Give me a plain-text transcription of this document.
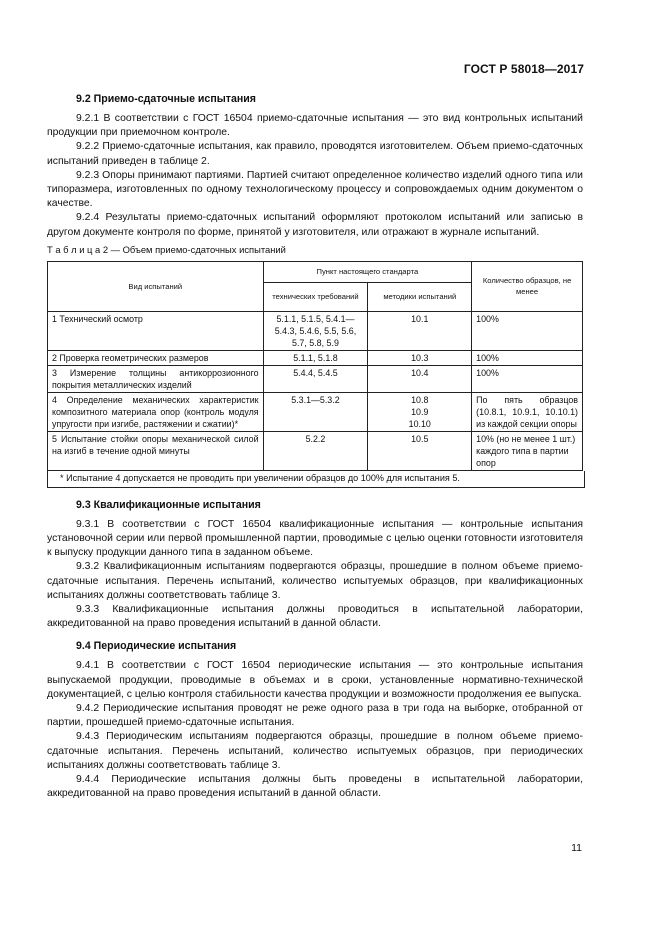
ГОСТ Р 58018—2017
9.2 Приемо-сдаточные испытания

9.2.1 В соответствии с ГОСТ 16504 приемо-сдаточные испытания — это вид контрольных испытаний продукции при приемочном контроле.

9.2.2 Приемо-сдаточные испытания, как правило, проводятся изготовителем. Объем приемо-сдаточных испытаний приведен в таблице 2.

9.2.3 Опоры принимают партиями. Партией считают определенное количество изделий одного типа или типоразмера, изготовленных по одному технологическому процессу и сопровождаемых одним документом о качестве.

9.2.4 Результаты приемо-сдаточных испытаний оформляют протоколом испытаний или записью в другом документе контроля по форме, принятой у изготовителя, или отражают в журнале испытаний.

Т а б л и ц а 2 — Объем приемо-сдаточных испытаний
Вид испытаний	Пункт настоящего стандарта		Количество образцов, не менее
	технических требований	методики испытаний	
1 Технический осмотр	5.1.1, 5.1.5, 5.4.1—5.4.3, 5.4.6, 5.5, 5.6, 5.7, 5.8, 5.9	10.1	100%
2 Проверка геометрических размеров	5.1.1, 5.1.8	10.3	100%
3 Измерение толщины антикоррозионного покрытия металлических изделий	5.4.4, 5.4.5	10.4	100%
4 Определение механических характеристик композитного материала опор (контроль модуля упругости при изгибе, растяжении и сжатии)*	5.3.1—5.3.2	10.8
10.9
10.10	По пять образцов (10.8.1, 10.9.1, 10.10.1) из каждой секции опоры
5 Испытание стойки опоры механической силой на изгиб в течение одной минуты	5.2.2	10.5	10% (но не менее 1 шт.) каждого типа в партии опор
* Испытание 4 допускается не проводить при увеличении образцов до 100% для испытания 5.
9.3 Квалификационные испытания

9.3.1 В соответствии с ГОСТ 16504 квалификационные испытания — контрольные испытания установочной серии или первой промышленной партии, проводимые с целью оценки готовности изготовителя к выпуску продукции данного типа в заданном объеме.

9.3.2 Квалификационным испытаниям подвергаются образцы, прошедшие в полном объеме приемо-сдаточные испытания. Перечень испытаний, количество испытуемых образцов, при квалификационных испытаниях должны соответствовать таблице 3.

9.3.3 Квалификационные испытания должны проводиться в испытательной лаборатории, аккредитованной на право проведения испытаний в данной области.

9.4 Периодические испытания

9.4.1 В соответствии с ГОСТ 16504 периодические испытания — это контрольные испытания выпускаемой продукции, проводимые в объемах и в сроки, установленные нормативно-технической документацией, с целью контроля стабильности качества продукции и возможности продолжения ее выпуска.

9.4.2 Периодические испытания проводят не реже одного раза в три года на выборке, отобранной от партии, прошедшей приемо-сдаточные испытания.

9.4.3 Периодическим испытаниям подвергаются образцы, прошедшие в полном объеме приемо-сдаточные испытания. Перечень испытаний, количество испытуемых образцов, при периодических испытаниях должны соответствовать таблице 3.

9.4.4 Периодические испытания должны быть проведены в испытательной лаборатории, аккредитованной на право проведения испытаний в данной области.

11
